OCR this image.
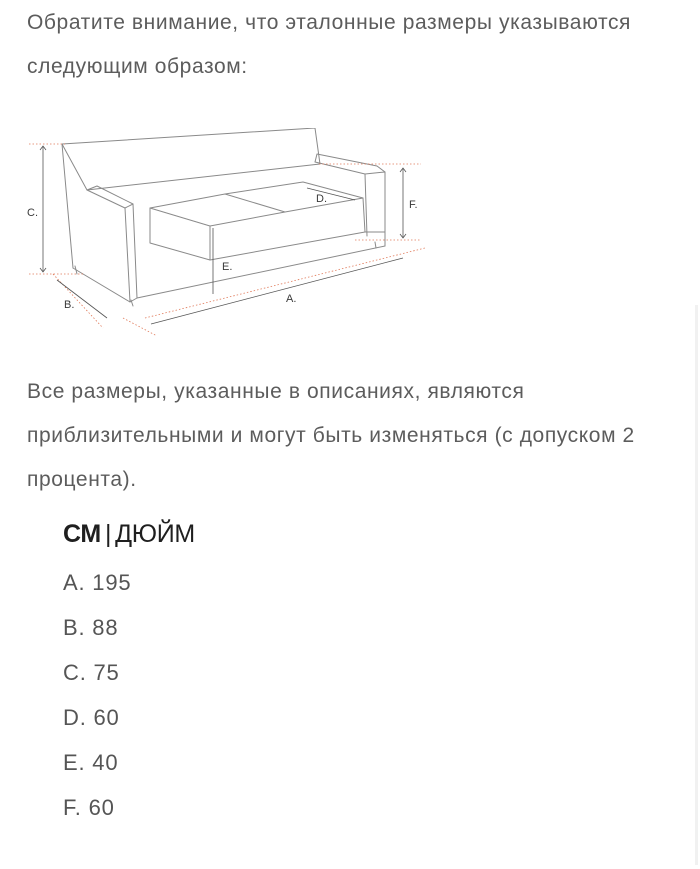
Обратите внимание, что эталонные размеры указываются следующим образом:

C.
B.
E.
A.
D.	F.

Все размеры, указанные в описаниях, являются приблизительными и могут быть изменяться (с допуском 2 процента).

СМ | ДЮЙМ
A. 195
B. 88
C. 75
D. 60
E. 40
F. 60
